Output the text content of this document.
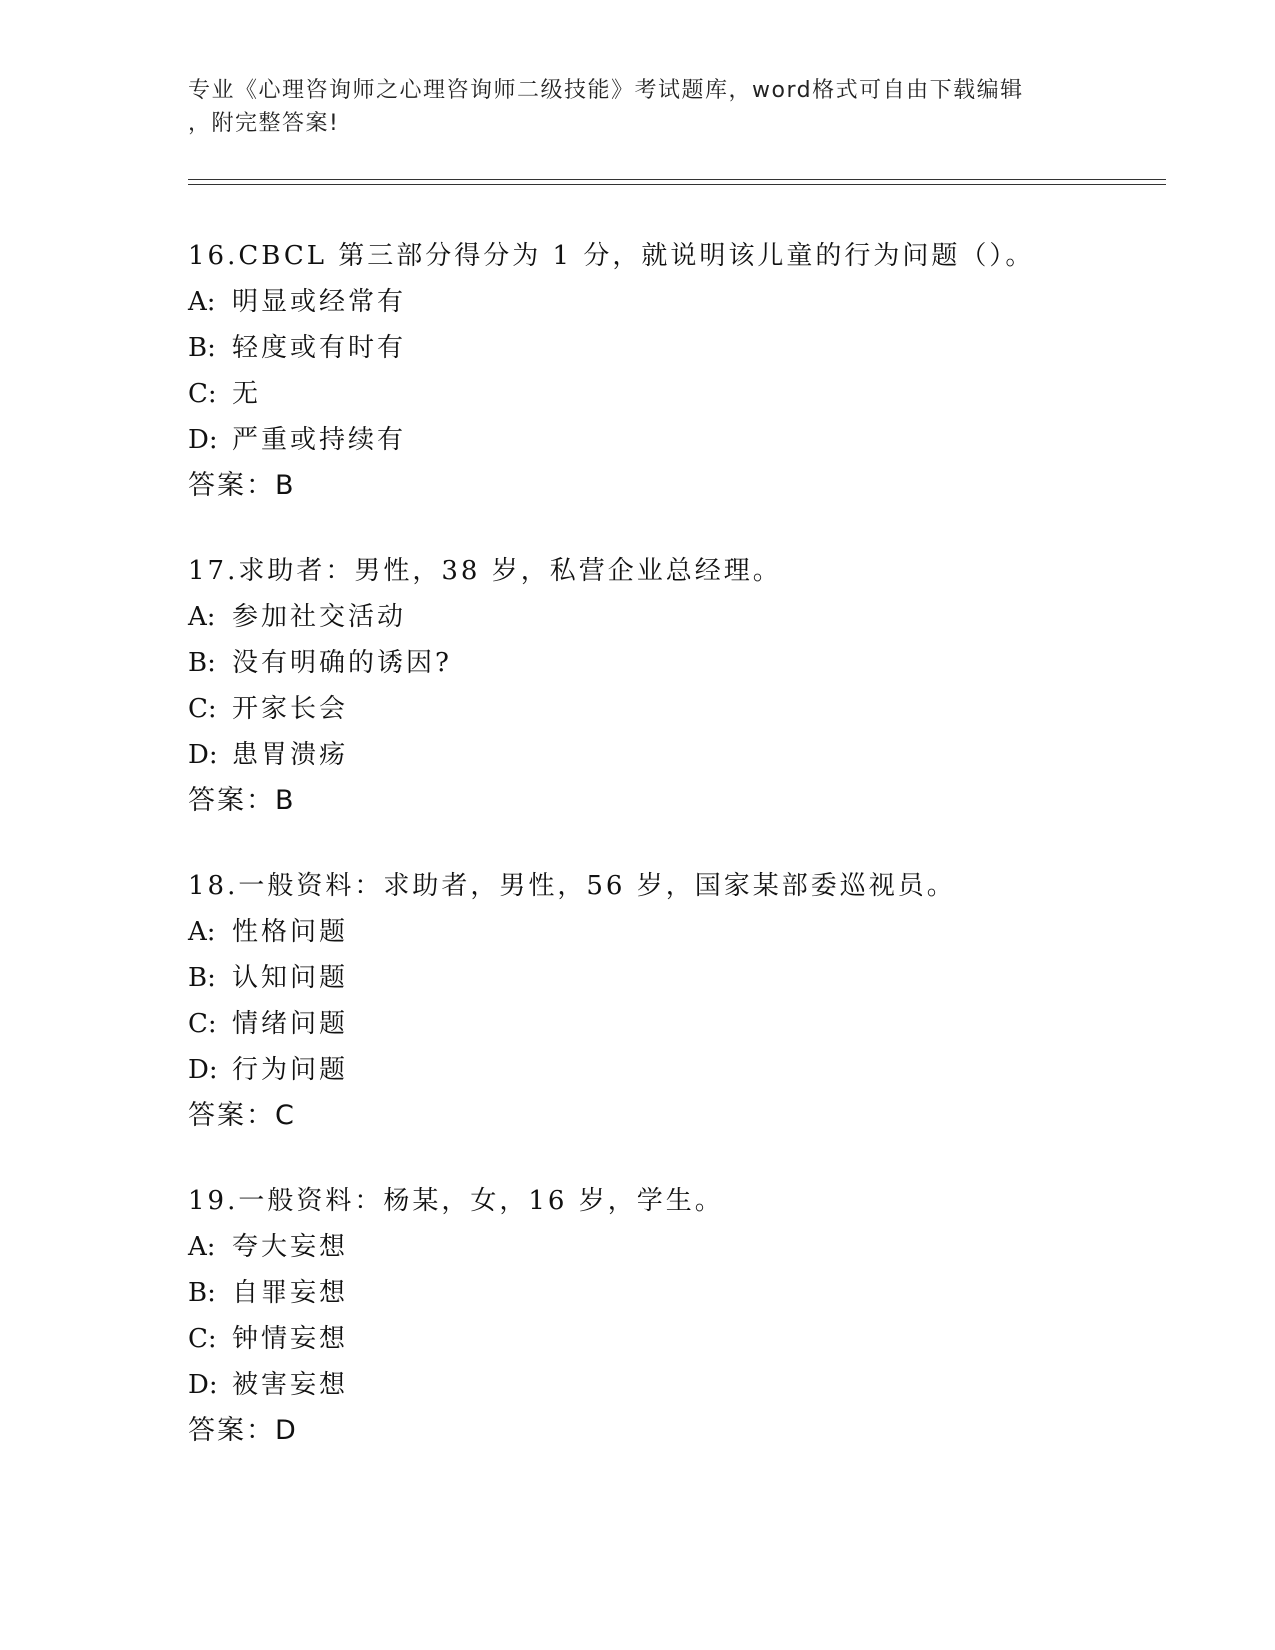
专业《心理咨询师之心理咨询师二级技能》考试题库，word格式可自由下载编辑
，附完整答案!
16.CBCL 第三部分得分为 1 分，就说明该儿童的行为问题（）。
A: 明显或经常有
B: 轻度或有时有
C: 无
D: 严重或持续有
答案：B
17.求助者：男性，38 岁，私营企业总经理。
A: 参加社交活动
B: 没有明确的诱因?
C: 开家长会
D: 患胃溃疡
答案：B
18.一般资料：求助者，男性，56 岁，国家某部委巡视员。
A: 性格问题
B: 认知问题
C: 情绪问题
D: 行为问题
答案：C
19.一般资料：杨某，女，16 岁，学生。
A: 夸大妄想
B: 自罪妄想
C: 钟情妄想
D: 被害妄想
答案：D
